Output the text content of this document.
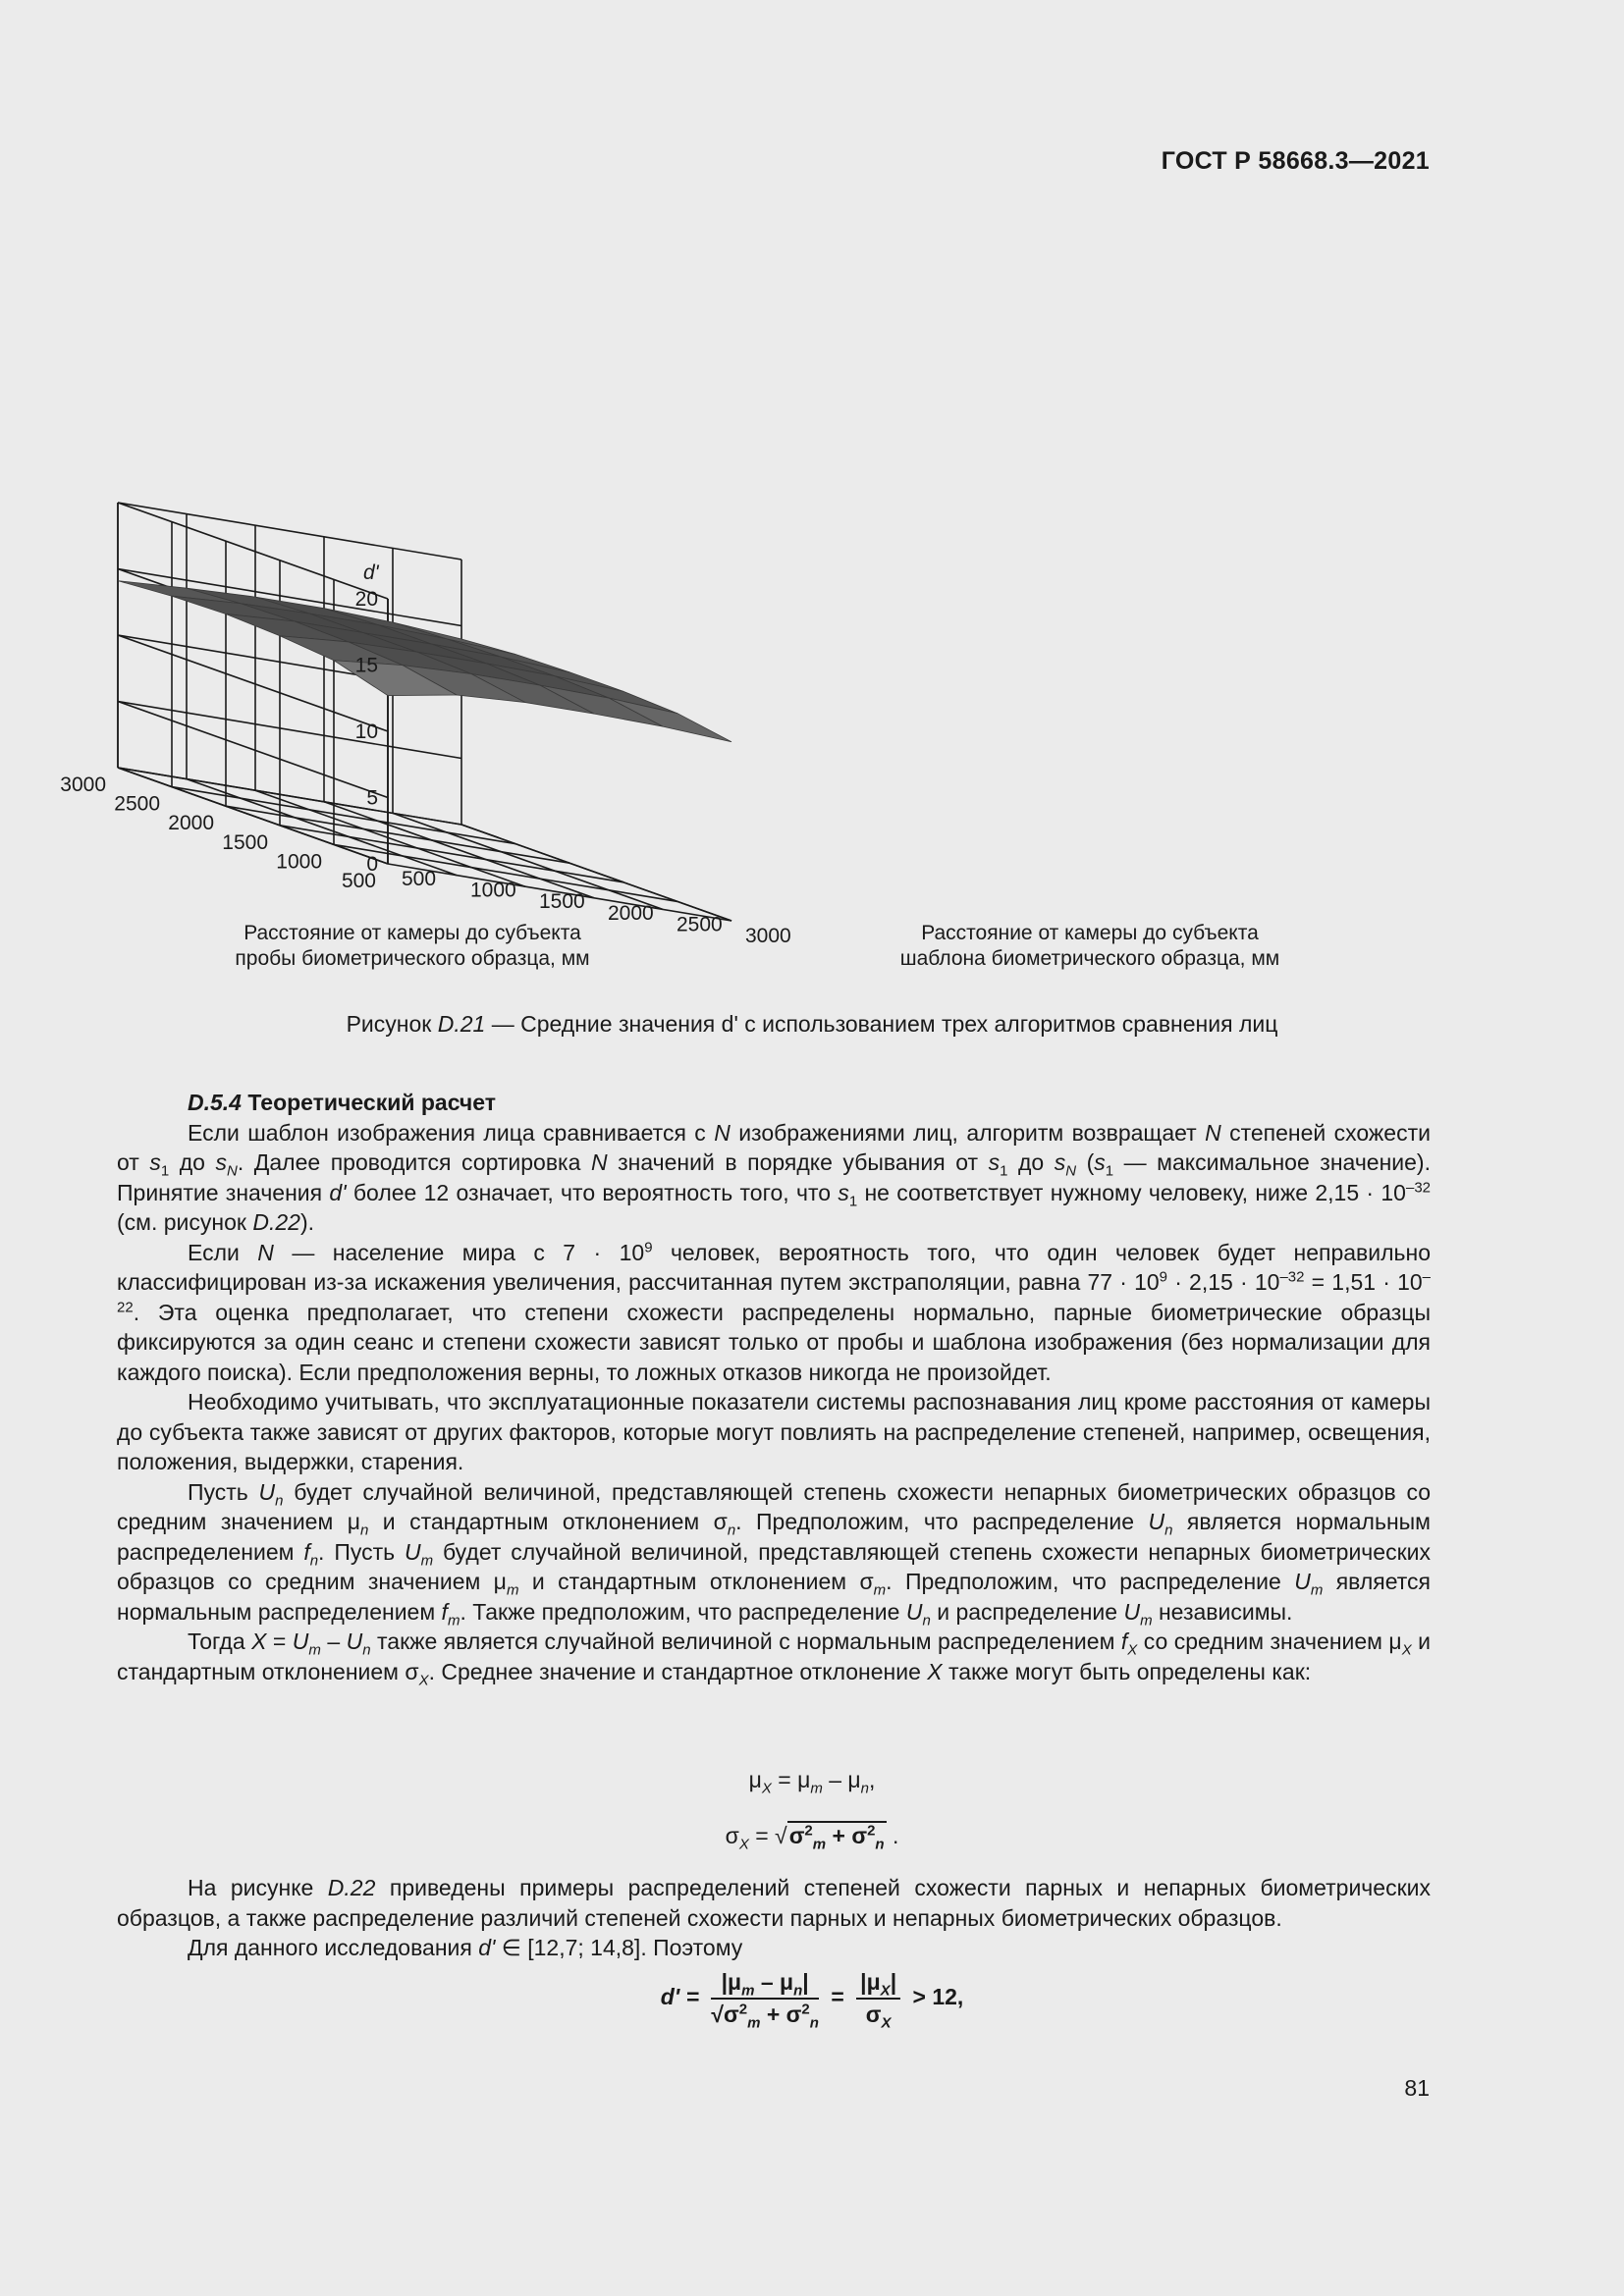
ГОСТ Р 58668.3—2021
0
5
10
15
20
d'
500
1000
1500
2000
2500
3000
500
1000
1500
2000
2500
3000
Расстояние от камеры до субъекта
пробы биометрического образца, мм
Расстояние от камеры до субъекта
шаблона биометрического образца, мм
Рисунок D.21 — Средние значения d' с использованием трех алгоритмов сравнения лиц

D.5.4 Теоретический расчет

Если шаблон изображения лица сравнивается с N изображениями лиц, алгоритм возвращает N степеней схожести от $s_1$ до $s_N$. Далее проводится сортировка N значений в порядке убывания от $s_1$ до $s_N$ ($s_1$ — максимальное значение). Принятие значения d' более 12 означает, что вероятность того, что $s_1$ не соответствует нужному человеку, ниже $2,15 \cdot 10^{-32}$ (см. рисунок D.22).

Если N — население мира с $7 \cdot 10^9$ человек, вероятность того, что один человек будет неправильно классифицирован из-за искажения увеличения, рассчитанная путем экстраполяции, равна $77 \cdot 10^9 \cdot 2,15 \cdot 10^{-32} = 1,51 \cdot 10^{-22}$. Эта оценка предполагает, что степени схожести распределены нормально, парные биометрические образцы фиксируются за один сеанс и степени схожести зависят только от пробы и шаблона изображения (без нормализации для каждого поиска). Если предположения верны, то ложных отказов никогда не произойдет.

Необходимо учитывать, что эксплуатационные показатели системы распознавания лиц кроме расстояния от камеры до субъекта также зависят от других факторов, которые могут повлиять на распределение степеней, например, освещения, положения, выдержки, старения.

Пусть $U_n$ будет случайной величиной, представляющей степень схожести непарных биометрических образцов со средним значением $\mu_n$ и стандартным отклонением $\sigma_n$. Предположим, что распределение $U_n$ является нормальным распределением $f_n$. Пусть $U_m$ будет случайной величиной, представляющей степень схожести непарных биометрических образцов со средним значением $\mu_m$ и стандартным отклонением $\sigma_m$. Предположим, что распределение $U_m$ является нормальным распределением $f_m$. Также предположим, что распределение $U_n$ и распределение $U_m$ независимы.

Тогда $X = U_m - U_n$ также является случайной величиной с нормальным распределением $f_X$ со средним значением $\mu_X$ и стандартным отклонением $\sigma_X$. Среднее значение и стандартное отклонение X также могут быть определены как:

$\mu_X = \mu_m - \mu_n$,
$\sigma_X = √\sigma^2_m + \sigma^2_n$ .

На рисунке D.22 приведены примеры распределений степеней схожести парных и непарных биометрических образцов, а также распределение различий степеней схожести парных и непарных биометрических образцов.

Для данного исследования d' ∈ [12,7; 14,8]. Поэтому

$d' = \frac{|\mu_m - \mu_n|}{√\sigma^2_m + \sigma^2_n} = \frac{|\mu_X|}{\sigma_X} > 12$,
81
